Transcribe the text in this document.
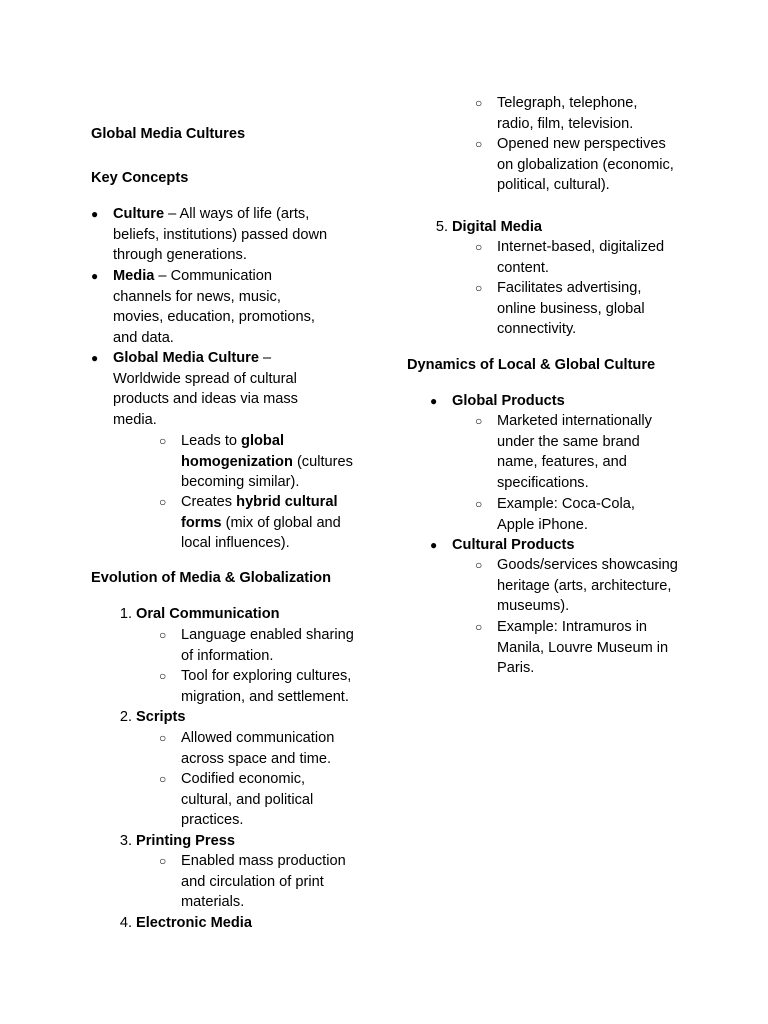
Global Media Cultures
Key Concepts
●	Culture – All ways of life (arts, beliefs, institutions) passed down through generations.
●	Media – Communication channels for news, music, movies, education, promotions, and data.
●	Global Media Culture – Worldwide spread of cultural products and ideas via mass media.
○	Leads to global homogenization (cultures becoming similar).
○	Creates hybrid cultural forms (mix of global and local influences).
Evolution of Media & Globalization
1. Oral Communication
○	Language enabled sharing of information.
○	Tool for exploring cultures, migration, and settlement.
2. Scripts
○	Allowed communication across space and time.
○	Codified economic, cultural, and political practices.
3. Printing Press
○	Enabled mass production and circulation of print materials.
4. Electronic Media
○	Telegraph, telephone, radio, film, television.
○	Opened new perspectives on globalization (economic, political, cultural).
5. Digital Media
○	Internet-based, digitalized content.
○	Facilitates advertising, online business, global connectivity.
Dynamics of Local & Global Culture
●	Global Products
○	Marketed internationally under the same brand name, features, and specifications.
○	Example: Coca-Cola, Apple iPhone.
●	Cultural Products
○	Goods/services showcasing heritage (arts, architecture, museums).
○	Example: Intramuros in Manila, Louvre Museum in Paris.
